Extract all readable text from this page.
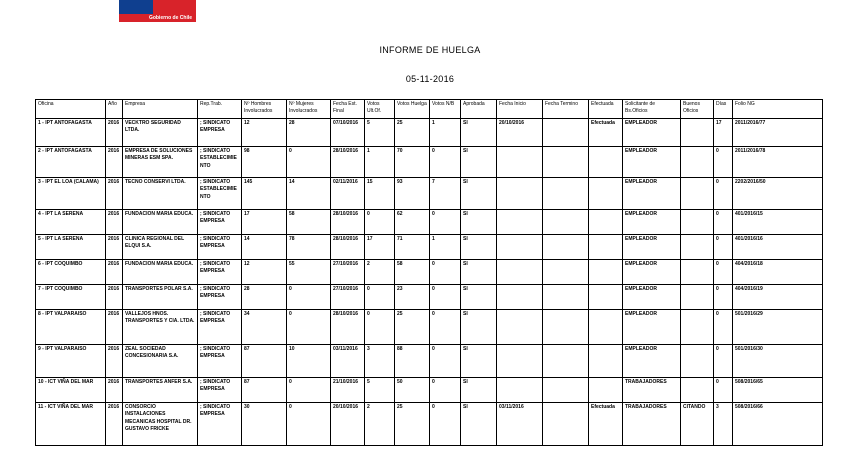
Gobierno de Chile
INFORME DE HUELGA
05-11-2016
Oficina	Año	Empresa	Rep.Trab.	Nº Hombres Involucrados	Nº Mujeres Involucrados	Fecha Est. Final	Votos Ult.Of.	Votos Huelga	Votos N/B	Aprobada	Fecha Inicio	Fecha Termino	Efectuada	Solicitante de Bs.Oficios	Buenos Oficios	Días	Folio NG
1 - IPT ANTOFAGASTA	2016	VECKTRO SEGURIDAD LTDA.	; SINDICATO EMPRESA	12	28	07/10/2016	5	25	1	SI	20/10/2016		Efectuada	EMPLEADOR		17	2011/2016/77
2 - IPT ANTOFAGASTA	2016	EMPRESA DE SOLUCIONES MINERAS ESM SPA.	; SINDICATO ESTABLECIMIENTO	98	0	28/10/2016	1	70	0	SI				EMPLEADOR		0	2011/2016/78
3 - IPT EL LOA (CALAMA)	2016	TECNO CONSERVI LTDA.	; SINDICATO ESTABLECIMIENTO	145	14	02/11/2016	15	93	7	SI				EMPLEADOR		0	2202/2016/50
4 - IPT LA SERENA	2016	FUNDACION MARIA EDUCA.	; SINDICATO EMPRESA	17	58	28/10/2016	0	62	0	SI				EMPLEADOR		0	401/2016/15
5 - IPT LA SERENA	2016	CLINICA REGIONAL DEL ELQUI S.A.	; SINDICATO EMPRESA	14	78	28/10/2016	17	71	1	SI				EMPLEADOR		0	401/2016/16
6 - IPT COQUIMBO	2016	FUNDACION MARIA EDUCA.	; SINDICATO EMPRESA	12	55	27/10/2016	2	58	0	SI				EMPLEADOR		0	404/2016/18
7 - IPT COQUIMBO	2016	TRANSPORTES POLAR S.A.	; SINDICATO EMPRESA	28	0	27/10/2016	0	23	0	SI				EMPLEADOR		0	404/2016/19
8 - IPT VALPARAISO	2016	VALLEJOS HNOS. TRANSPORTES Y CIA. LTDA.	; SINDICATO EMPRESA	34	0	28/10/2016	0	25	0	SI				EMPLEADOR		0	501/2016/29
9 - IPT VALPARAISO	2016	ZEAL SOCIEDAD CONCESIONARIA S.A.	; SINDICATO EMPRESA	87	10	03/11/2016	3	88	0	SI				EMPLEADOR		0	501/2016/30
10 - ICT VIÑA DEL MAR	2016	TRANSPORTES ANFER S.A.	; SINDICATO EMPRESA	87	0	21/10/2016	5	50	0	SI				TRABAJADORES		0	508/2016/65
11 - ICT VIÑA DEL MAR	2016	CONSORCIO INSTALACIONES MECANICAS HOSPITAL DR. GUSTAVO FRICKE	; SINDICATO EMPRESA	30	0	20/10/2016	2	25	0	SI	03/11/2016		Efectuada	TRABAJADORES	CITANDO	3	508/2016/66
